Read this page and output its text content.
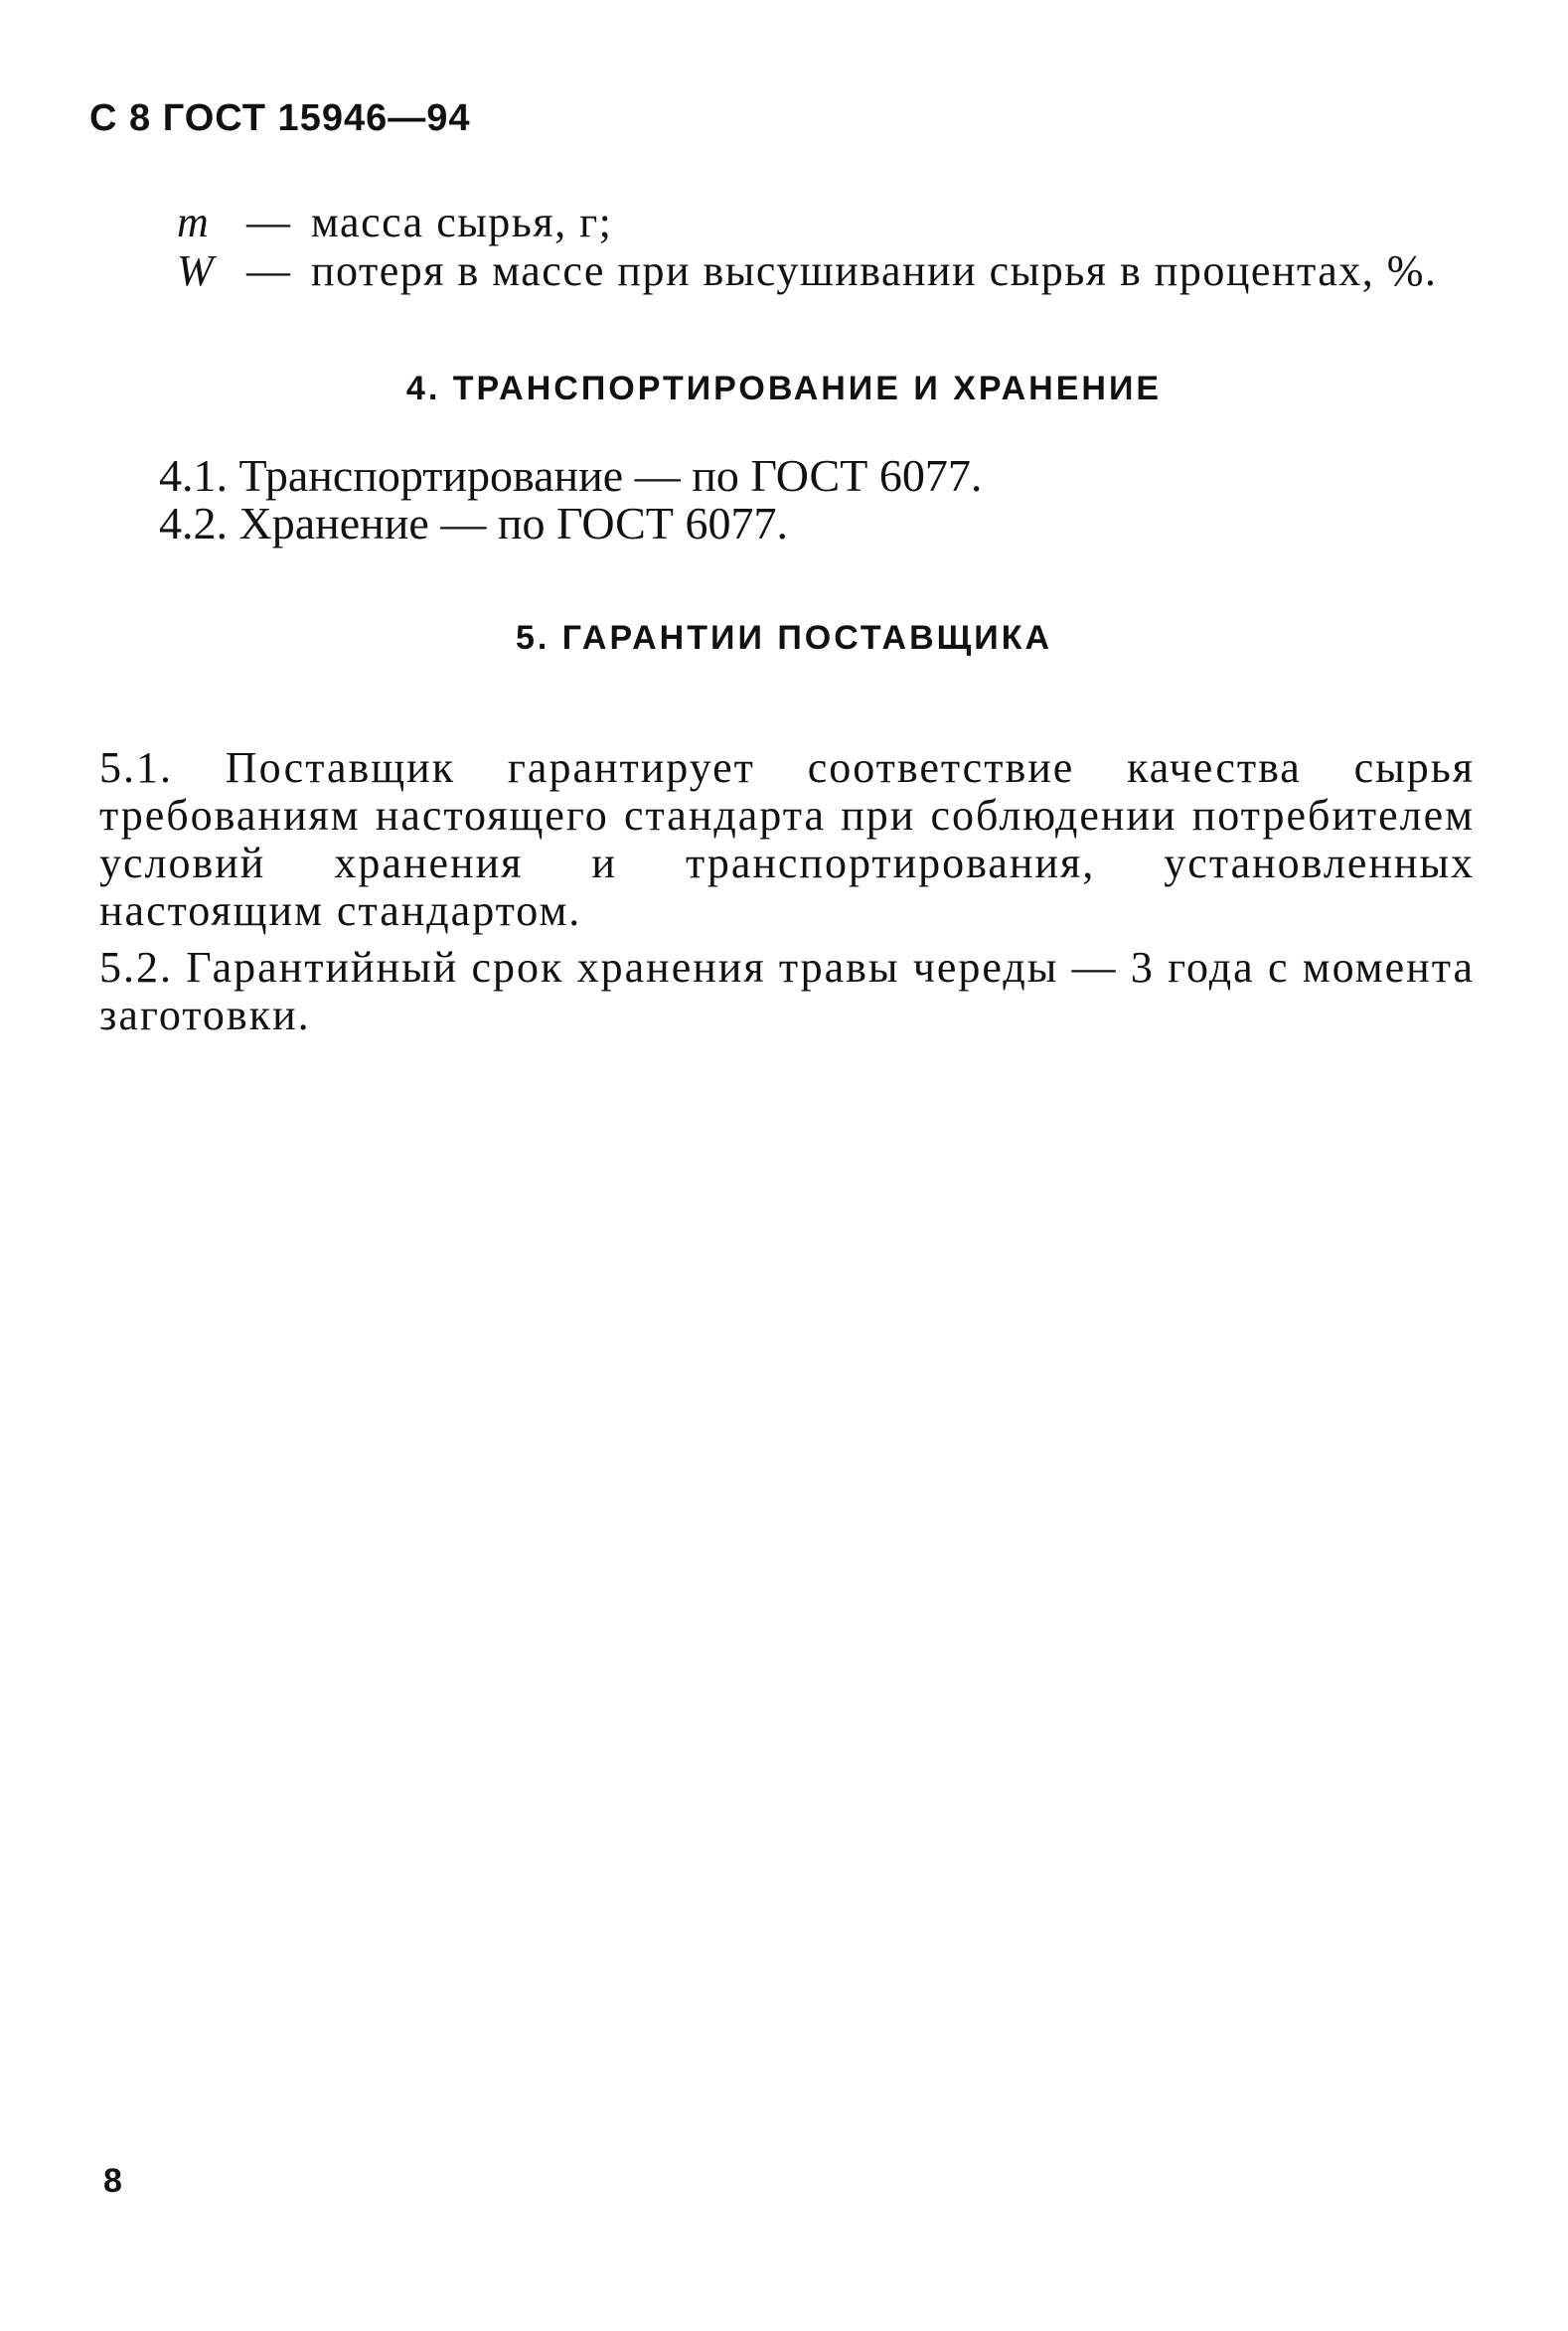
С 8 ГОСТ 15946—94
m — масса сырья, г;
W — потеря в массе при высушивании сырья в процентах, %.
4. ТРАНСПОРТИРОВАНИЕ И ХРАНЕНИЕ
4.1. Транспортирование — по ГОСТ 6077.
4.2. Хранение — по ГОСТ 6077.
5. ГАРАНТИИ ПОСТАВЩИКА

5.1. Поставщик гарантирует соответствие качества сырья требованиям настоящего стандарта при соблюдении потребителем условий хранения и транспортирования, установленных настоящим стандартом.

5.2. Гарантийный срок хранения травы череды — 3 года с момента заготовки.

8
